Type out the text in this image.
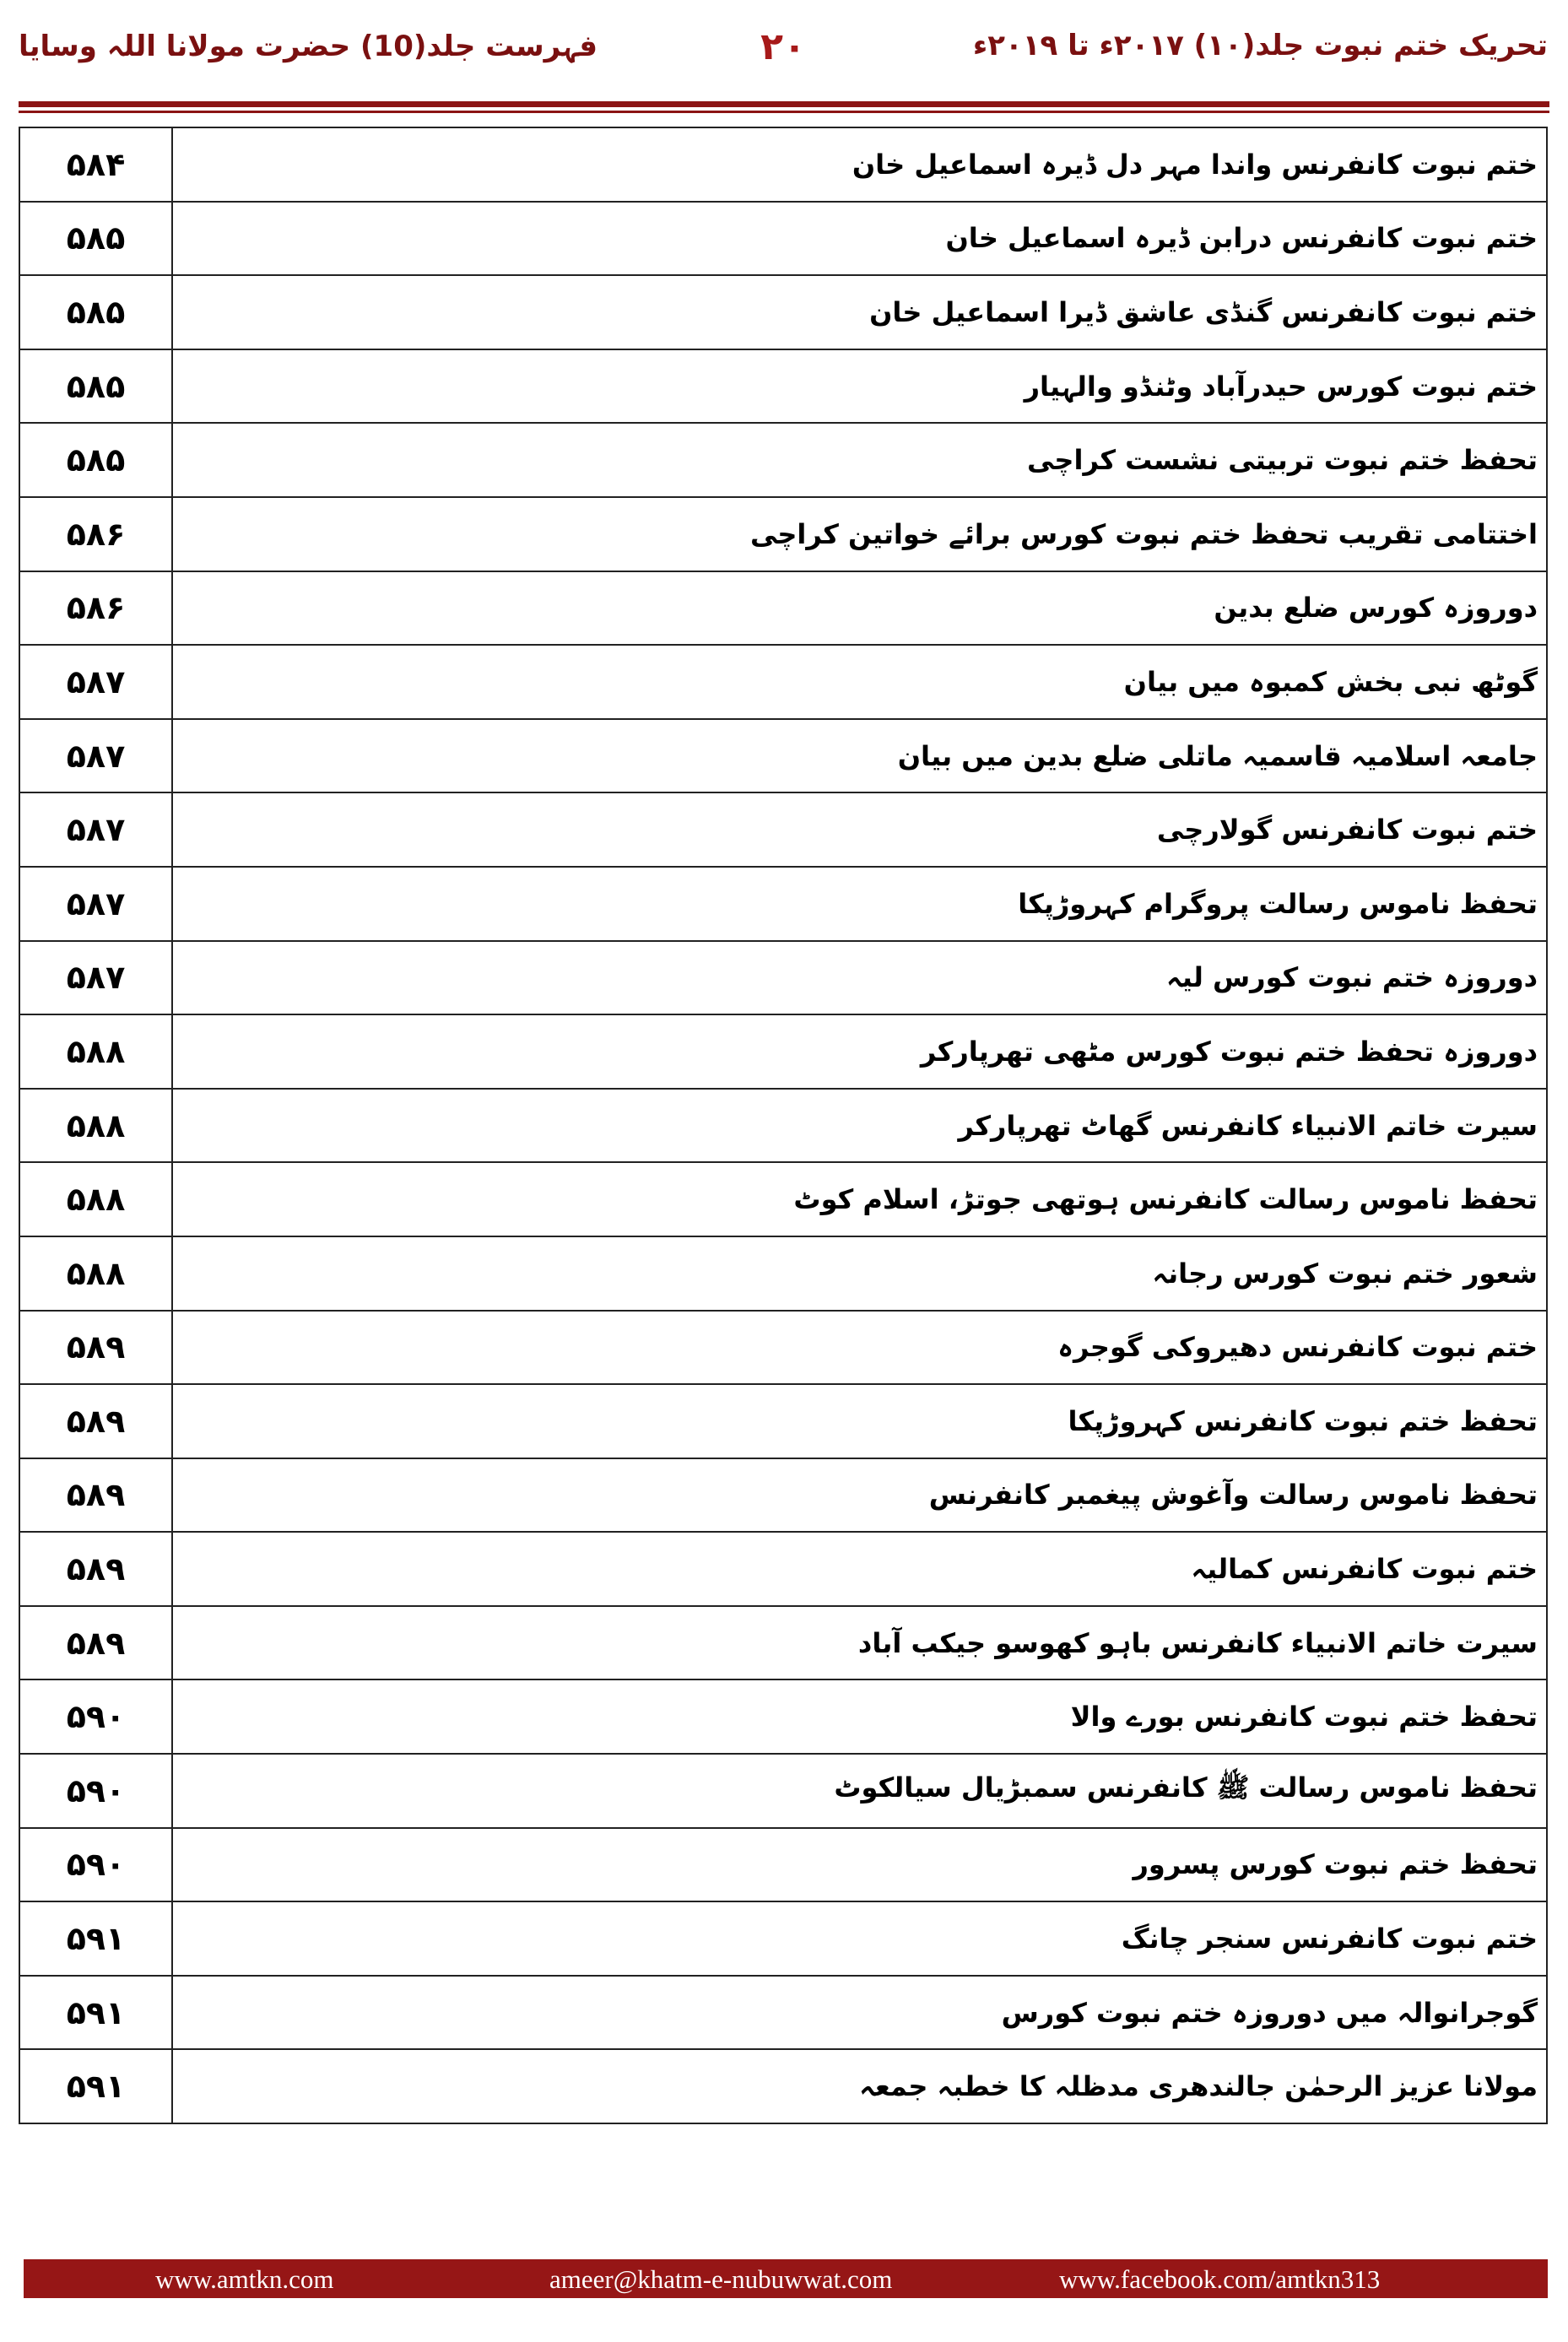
فہرست جلد(10) حضرت مولانا اللہ وسایا	۲۰	تحریک ختم نبوت جلد(۱۰) ۲۰۱۷ء تا ۲۰۱۹ء
۵۸۴	ختم نبوت کانفرنس واندا مہر دل ڈیرہ اسماعیل خان
۵۸۵	ختم نبوت کانفرنس درابن ڈیرہ اسماعیل خان
۵۸۵	ختم نبوت کانفرنس گنڈی عاشق ڈیرا اسماعیل خان
۵۸۵	ختم نبوت کورس حیدرآباد وٹنڈو والہیار
۵۸۵	تحفظ ختم نبوت تربیتی نشست کراچی
۵۸۶	اختتامی تقریب تحفظ ختم نبوت کورس برائے خواتین کراچی
۵۸۶	دوروزہ کورس ضلع بدین
۵۸۷	گوٹھ نبی بخش کمبوہ میں بیان
۵۸۷	جامعہ اسلامیہ قاسمیہ ماتلی ضلع بدین میں بیان
۵۸۷	ختم نبوت کانفرنس گولارچی
۵۸۷	تحفظ ناموس رسالت پروگرام کہروڑپکا
۵۸۷	دوروزہ ختم نبوت کورس لیہ
۵۸۸	دوروزہ تحفظ ختم نبوت کورس مٹھی تھرپارکر
۵۸۸	سیرت خاتم الانبیاء کانفرنس گھاٹ تھرپارکر
۵۸۸	تحفظ ناموس رسالت کانفرنس ہوتھی جوتڑ، اسلام کوٹ
۵۸۸	شعور ختم نبوت کورس رجانہ
۵۸۹	ختم نبوت کانفرنس دھیروکی گوجرہ
۵۸۹	تحفظ ختم نبوت کانفرنس کہروڑپکا
۵۸۹	تحفظ ناموس رسالت وآغوش پیغمبر کانفرنس
۵۸۹	ختم نبوت کانفرنس کمالیہ
۵۸۹	سیرت خاتم الانبیاء کانفرنس باہو کھوسو جیکب آباد
۵۹۰	تحفظ ختم نبوت کانفرنس بورے والا
۵۹۰	تحفظ ناموس رسالت ﷺ کانفرنس سمبڑیال سیالکوٹ
۵۹۰	تحفظ ختم نبوت کورس پسرور
۵۹۱	ختم نبوت کانفرنس سنجر چانگ
۵۹۱	گوجرانوالہ میں دوروزہ ختم نبوت کورس
۵۹۱	مولانا عزیز الرحمٰن جالندھری مدظلہ کا خطبہ جمعہ
www.amtkn.com	ameer@khatm-e-nubuwwat.com	www.facebook.com/amtkn313
